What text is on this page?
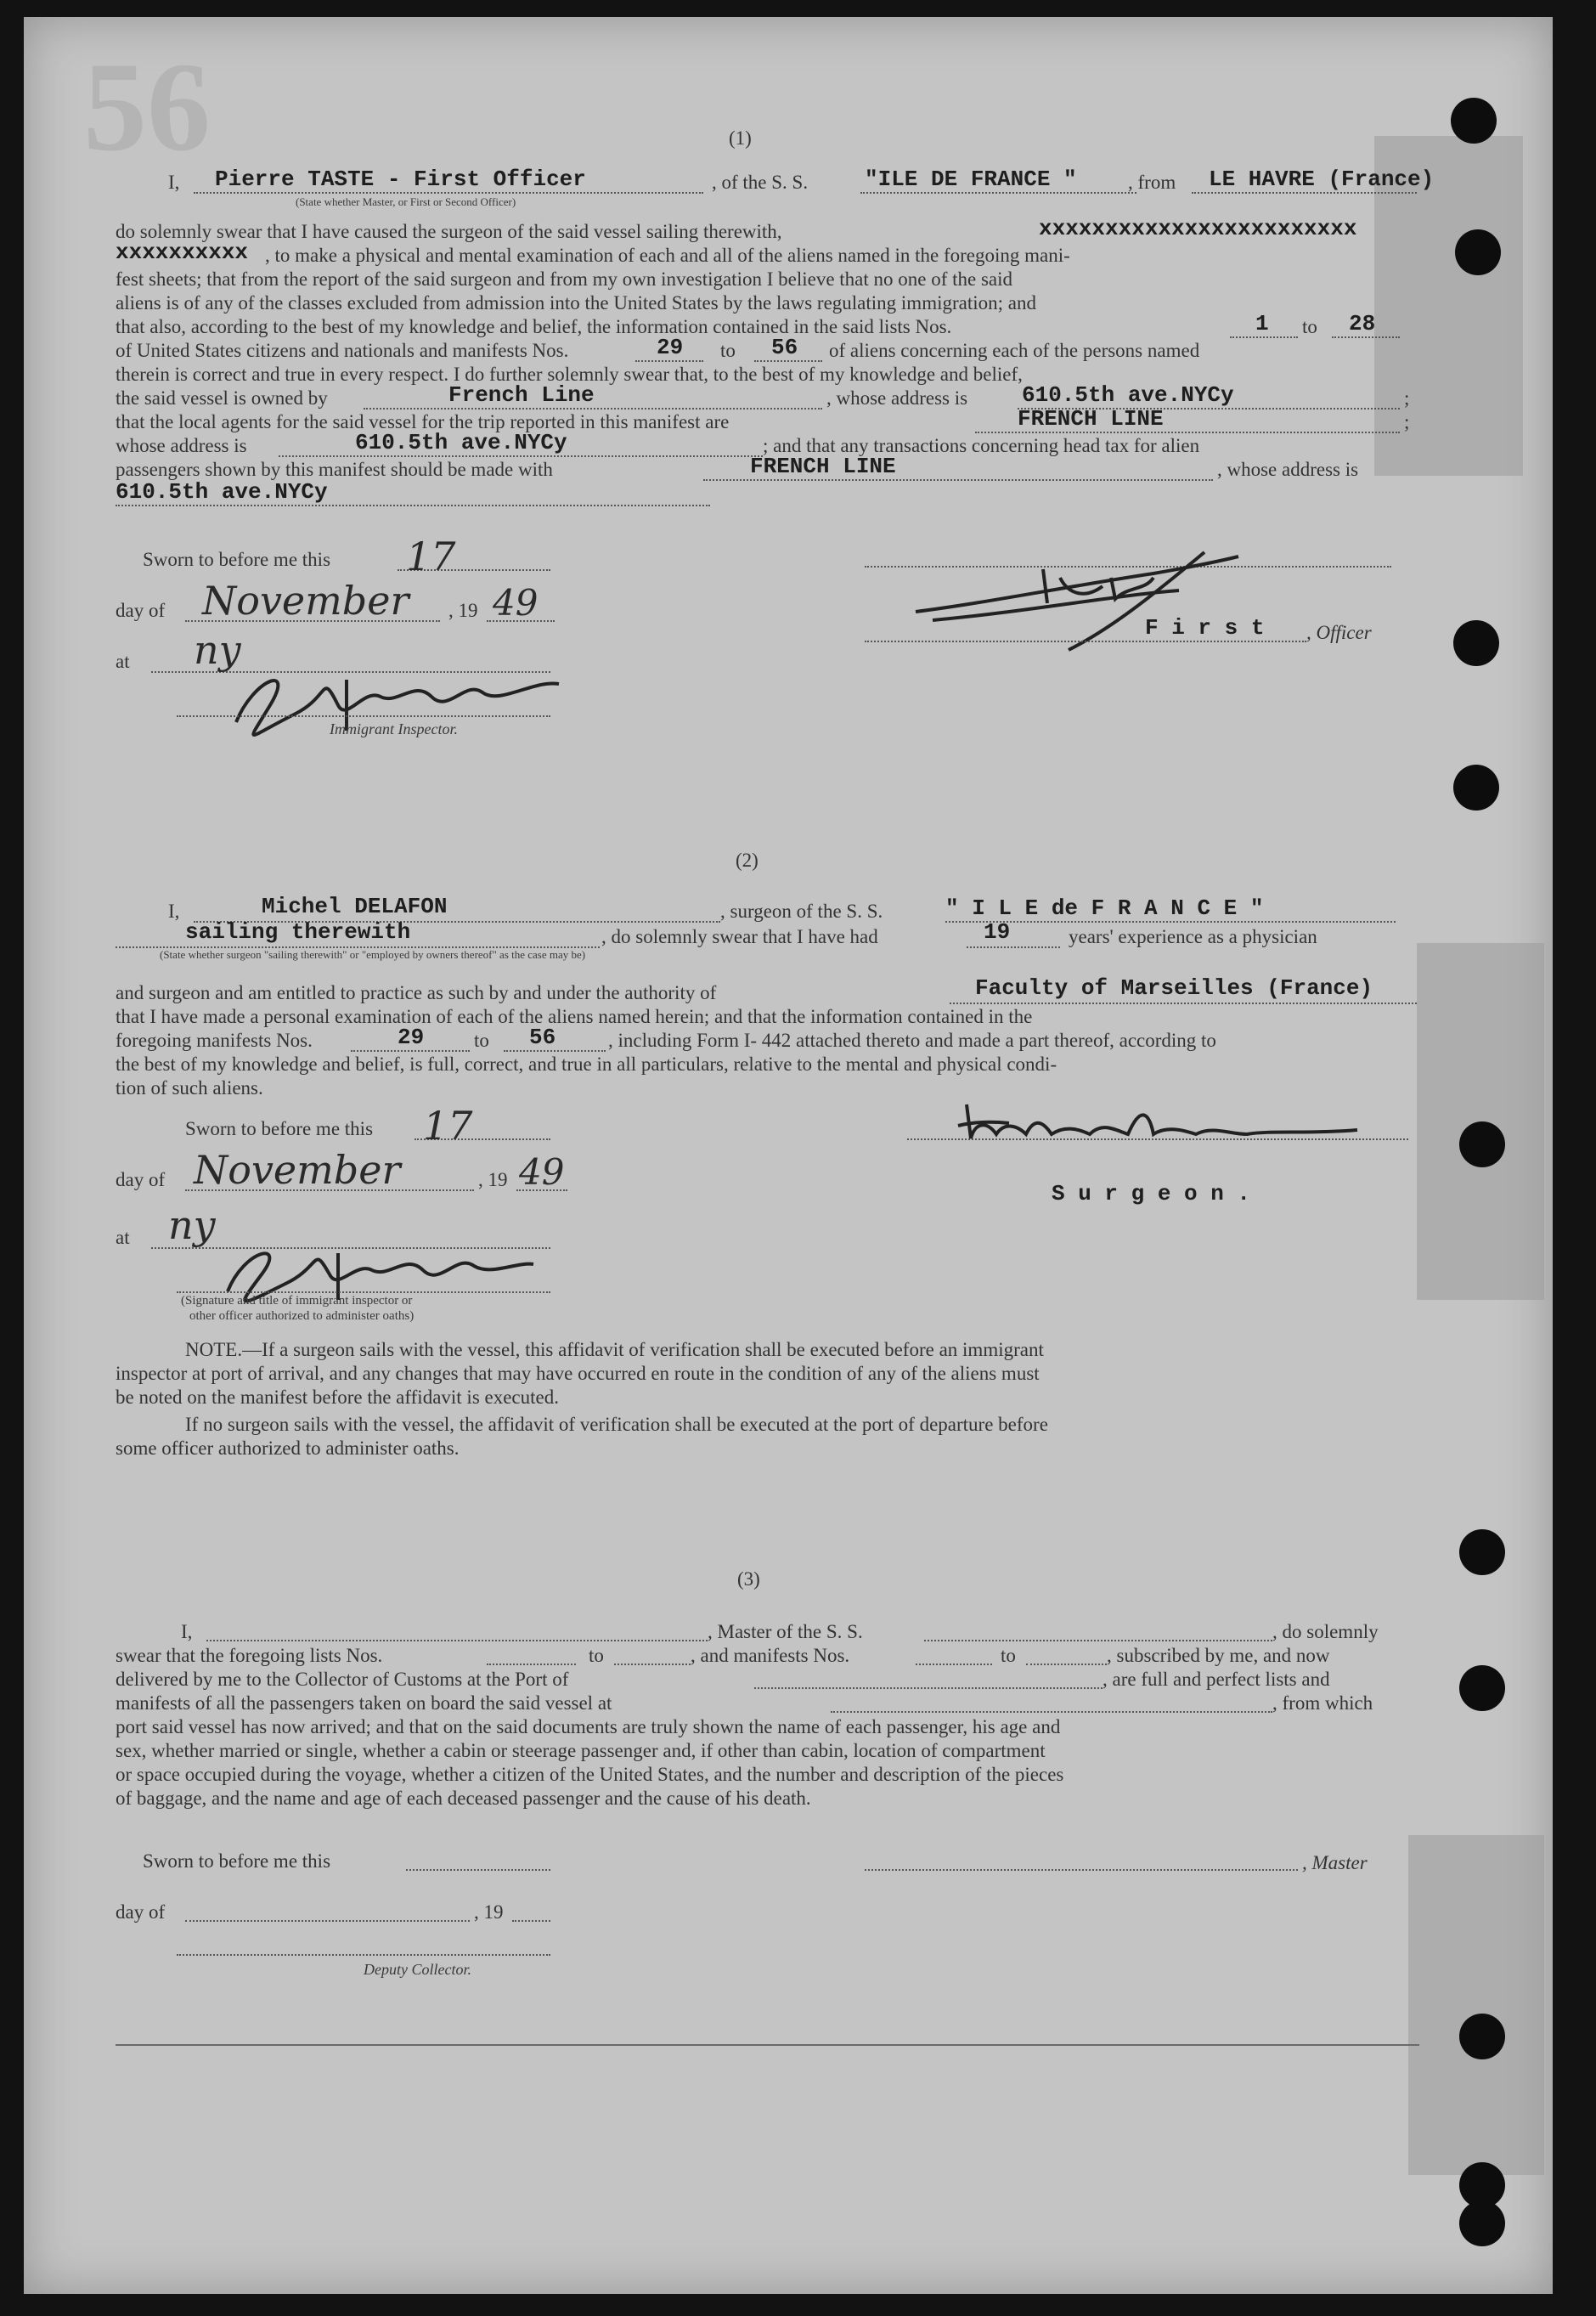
56	(1)
I, Pierre TASTE - First Officer	, of the S. S.	"ILE DE FRANCE "	, from LE HAVRE (France)
(State whether Master, or First or Second Officer)
do solemnly swear that I have caused the surgeon of the said vessel sailing therewith,	xxxxxxxxxxxxxxxxxxxxxxxx
xxxxxxxxxx , to make a physical and mental examination of each and all of the aliens named in the foregoing mani-
fest sheets; that from the report of the said surgeon and from my own investigation I believe that no one of the said
aliens is of any of the classes excluded from admission into the United States by the laws regulating immigration; and
that also, according to the best of my knowledge and belief, the information contained in the said lists Nos.	1 to 28
of United States citizens and nationals and manifests Nos.	29 to 56 of aliens concerning each of the persons named
therein is correct and true in every respect. I do further solemnly swear that, to the best of my knowledge and belief,
the said vessel is owned by	French Line	, whose address is 610.5th ave.NYCy	;
that the local agents for the said vessel for the trip reported in this manifest are	FRENCH LINE	;
whose address is	610.5th ave.NYCy	; and that any transactions concerning head tax for alien
passengers shown by this manifest should be made with	FRENCH LINE	, whose address is
610.5th ave.NYCy
Sworn to before me this 17
day of November , 19 49
at ny
Immigrant Inspector.
F i r s t , Officer
(2)
I,	Michel DELAFON	, surgeon of the S. S.	" I L E de F R A N C E "
sailing therewith	, do solemnly swear that I have had	19	years' experience as a physician
(State whether surgeon "sailing therewith" or "employed by owners thereof" as the case may be)
and surgeon and am entitled to practice as such by and under the authority of	Faculty of Marseilles (France)
that I have made a personal examination of each of the aliens named herein; and that the information contained in the
foregoing manifests Nos.	29	to 56	, including Form I- 442 attached thereto and made a part thereof, according to
the best of my knowledge and belief, is full, correct, and true in all particulars, relative to the mental and physical condi-
tion of such aliens.
Sworn to before me this 17
day of November	, 19 49
at ny
(Signature and title of immigrant inspector or
other officer authorized to administer oaths)
S u r g e o n .
NOTE.—If a surgeon sails with the vessel, this affidavit of verification shall be executed before an immigrant
inspector at port of arrival, and any changes that may have occurred en route in the condition of any of the aliens must
be noted on the manifest before the affidavit is executed.
If no surgeon sails with the vessel, the affidavit of verification shall be executed at the port of departure before
some officer authorized to administer oaths.
(3)
I,	, Master of the S. S.	, do solemnly
swear that the foregoing lists Nos.	to	, and manifests Nos.	to	, subscribed by me, and now
delivered by me to the Collector of Customs at the Port of	, are full and perfect lists and
manifests of all the passengers taken on board the said vessel at	, from which
port said vessel has now arrived; and that on the said documents are truly shown the name of each passenger, his age and
sex, whether married or single, whether a cabin or steerage passenger and, if other than cabin, location of compartment
or space occupied during the voyage, whether a citizen of the United States, and the number and description of the pieces
of baggage, and the name and age of each deceased passenger and the cause of his death.
Sworn to before me this	, Master
day of	, 19
Deputy Collector.
